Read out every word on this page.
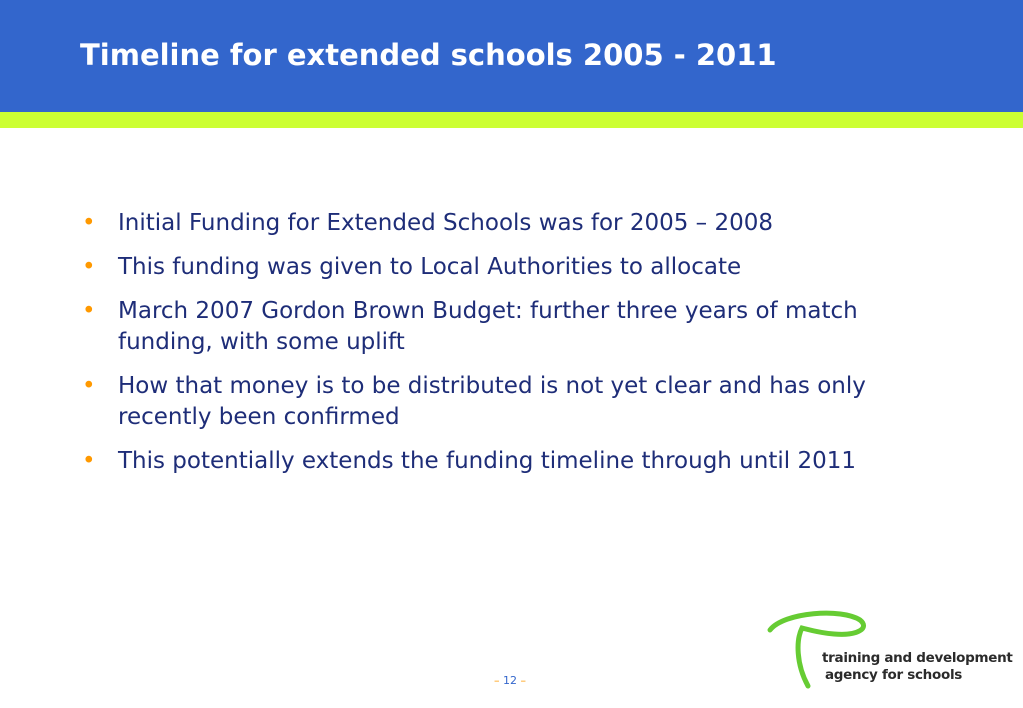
Timeline for extended schools 2005 - 2011
• Initial Funding for Extended Schools was for 2005 – 2008
• This funding was given to Local Authorities to allocate
• March 2007 Gordon Brown Budget: further three years of match funding, with some uplift
• How that money is to be distributed is not yet clear and has only recently been confirmed
• This potentially extends the funding timeline through until 2011
– 12 –
training and development
agency for schools
